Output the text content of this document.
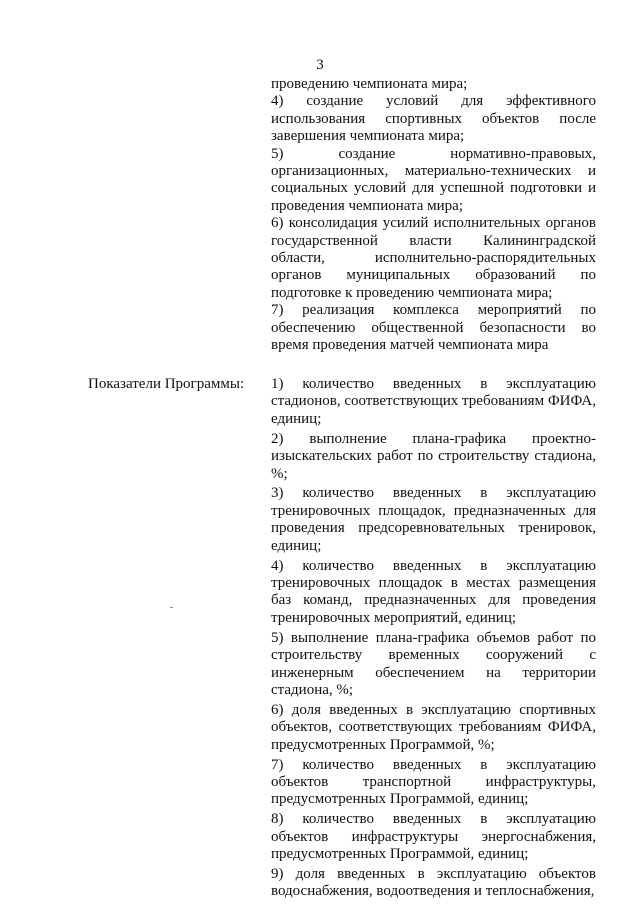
3

проведению чемпионата мира;

4) создание условий для эффективного использования спортивных объектов после завершения чемпионата мира;

5) создание нормативно-правовых, организационных, материально-технических и социальных условий для успешной подготовки и проведения чемпионата мира;

6) консолидация усилий исполнительных органов государственной власти Калининградской области, исполнительно-распорядительных органов муниципальных образований по подготовке к проведению чемпионата мира;

7) реализация комплекса мероприятий по обеспечению общественной безопасности во время проведения матчей чемпионата мира

Показатели Программы:	1) количество введенных в эксплуатацию стадионов, соответствующих требованиям ФИФА, единиц;

2) выполнение плана-графика проектно-изыскательских работ по строительству стадиона, %;

3) количество введенных в эксплуатацию тренировочных площадок, предназначенных для проведения предсоревновательных тренировок, единиц;

4) количество введенных в эксплуатацию тренировочных площадок в местах размещения баз команд, предназначенных для проведения тренировочных мероприятий, единиц;

5) выполнение плана-графика объемов работ по строительству временных сооружений с инженерным обеспечением на территории стадиона, %;

6) доля введенных в эксплуатацию спортивных объектов, соответствующих требованиям ФИФА, предусмотренных Программой, %;

7) количество введенных в эксплуатацию объектов транспортной инфраструктуры, предусмотренных Программой, единиц;

8) количество введенных в эксплуатацию объектов инфраструктуры энергоснабжения, предусмотренных Программой, единиц;

9) доля введенных в эксплуатацию объектов водоснабжения, водоотведения и теплоснабжения,
